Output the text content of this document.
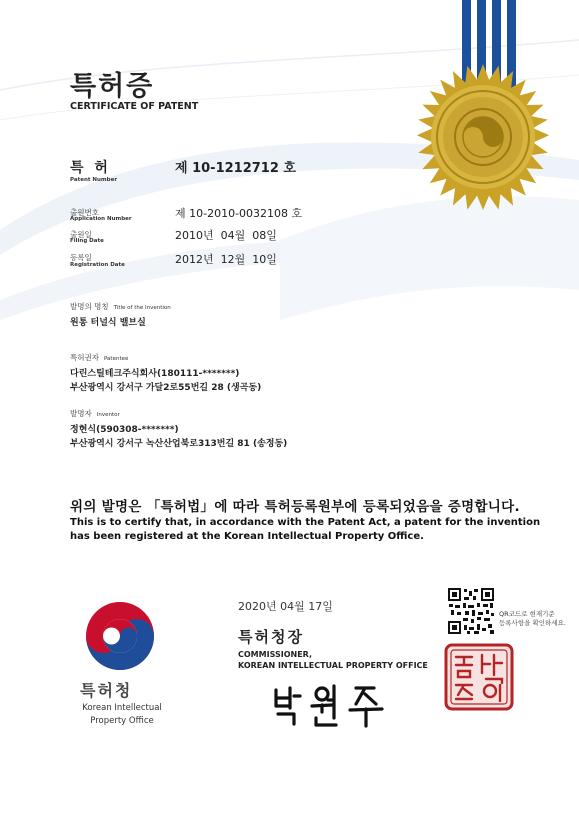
특허증
CERTIFICATE OF PATENT
특 허
Patent Number
제 10-1212712 호
출원번호
Application Number	제 10-2010-0032108 호
출원일
Filing Date	2010년  04월  08일
등록일
Registration Date	2012년  12월  10일
발명의 명칭 Title of the Invention
원통 터널식 밸브실
특허권자 Patentee
다린스틸테크주식회사(180111-*******)
부산광역시 강서구 가달2로55번길 28 (생곡동)
발명자 Inventor
정현식(590308-*******)
부산광역시 강서구 녹산산업북로313번길 81 (송정동)
위의 발명은 「특허법」에 따라 특허등록원부에 등록되었음을 증명합니다.
This is to certify that, in accordance with the Patent Act, a patent for the invention
has been registered at the Korean Intellectual Property Office.
특허청
Korean Intellectual
Property Office
2020년 04월 17일
특허청장
COMMISSIONER,
KOREAN INTELLECTUAL PROPERTY OFFICE
QR코드로 현재기준
등록사항을 확인하세요.
